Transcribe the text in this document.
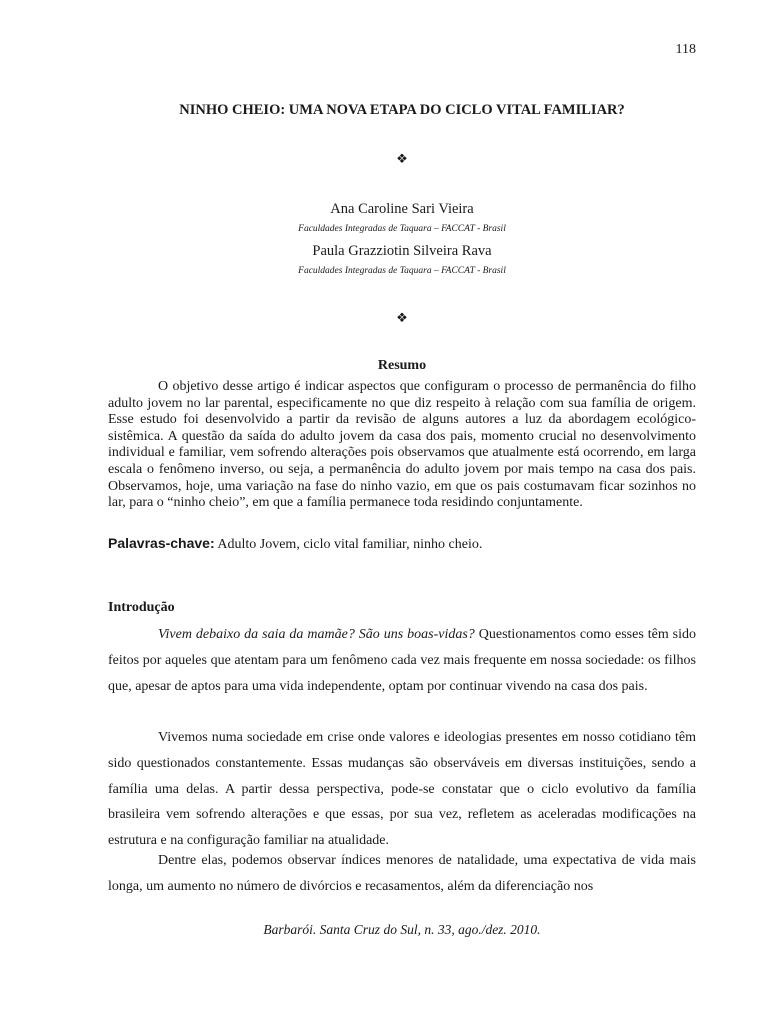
118
NINHO CHEIO: UMA NOVA ETAPA DO CICLO VITAL FAMILIAR?
❖
Ana Caroline Sari Vieira
Faculdades Integradas de Taquara – FACCAT - Brasil
Paula Grazziotin Silveira Rava
Faculdades Integradas de Taquara – FACCAT - Brasil
❖
Resumo

O objetivo desse artigo é indicar aspectos que configuram o processo de permanência do filho adulto jovem no lar parental, especificamente no que diz respeito à relação com sua família de origem. Esse estudo foi desenvolvido a partir da revisão de alguns autores a luz da abordagem ecológico-sistêmica. A questão da saída do adulto jovem da casa dos pais, momento crucial no desenvolvimento individual e familiar, vem sofrendo alterações pois observamos que atualmente está ocorrendo, em larga escala o fenômeno inverso, ou seja, a permanência do adulto jovem por mais tempo na casa dos pais. Observamos, hoje, uma variação na fase do ninho vazio, em que os pais costumavam ficar sozinhos no lar, para o “ninho cheio”, em que a família permanece toda residindo conjuntamente.

Palavras-chave: Adulto Jovem, ciclo vital familiar, ninho cheio.
Introdução

Vivem debaixo da saia da mamãe? São uns boas-vidas? Questionamentos como esses têm sido feitos por aqueles que atentam para um fenômeno cada vez mais frequente em nossa sociedade: os filhos que, apesar de aptos para uma vida independente, optam por continuar vivendo na casa dos pais.

Vivemos numa sociedade em crise onde valores e ideologias presentes em nosso cotidiano têm sido questionados constantemente. Essas mudanças são observáveis em diversas instituições, sendo a família uma delas. A partir dessa perspectiva, pode-se constatar que o ciclo evolutivo da família brasileira vem sofrendo alterações e que essas, por sua vez, refletem as aceleradas modificações na estrutura e na configuração familiar na atualidade.

Dentre elas, podemos observar índices menores de natalidade, uma expectativa de vida mais longa, um aumento no número de divórcios e recasamentos, além da diferenciação nos

Barbarói. Santa Cruz do Sul, n. 33, ago./dez. 2010.
